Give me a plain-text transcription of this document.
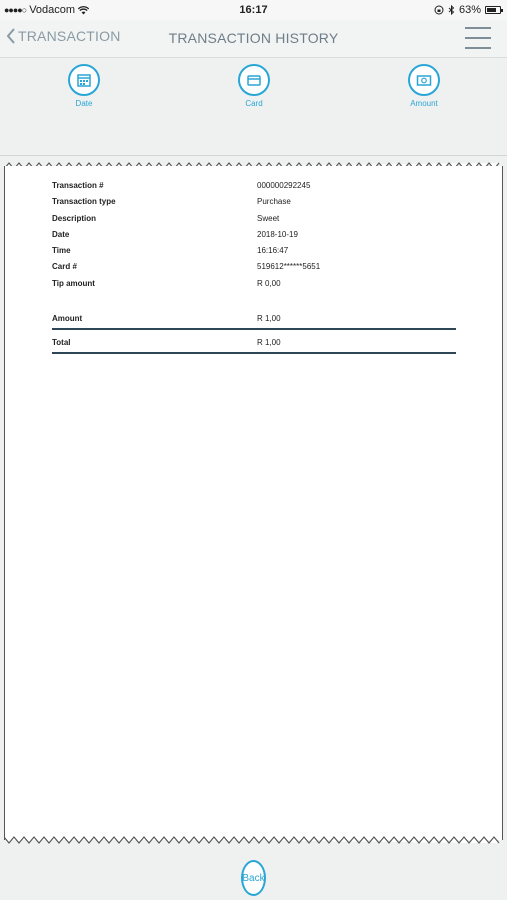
●●●●○ Vodacom	16:17	63%
TRANSACTION	TRANSACTION HISTORY
Date	Card	Amount
Transaction #	000000292245
Transaction type	Purchase
Description	Sweet
Date	2018-10-19
Time	16:16:47
Card #	519612******5651
Tip amount	R 0,00
Amount	R 1,00
Total	R 1,00
Back
